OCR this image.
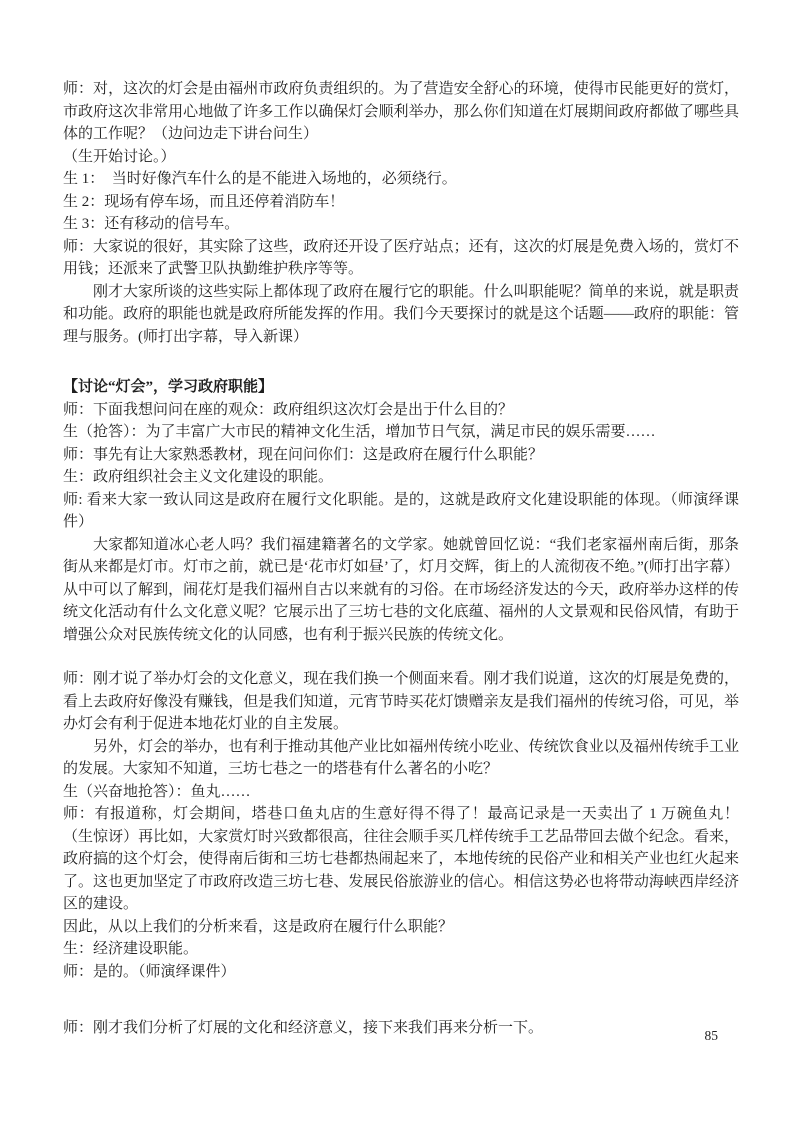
师：对，这次的灯会是由福州市政府负责组织的。为了营造安全舒心的环境，使得市民能更好的赏灯，市政府这次非常用心地做了许多工作以确保灯会顺利举办，那么你们知道在灯展期间政府都做了哪些具体的工作呢？（边问边走下讲台问生）

（生开始讨论。）

生 1：　当时好像汽车什么的是不能进入场地的，必须绕行。

生 2：现场有停车场，而且还停着消防车！

生 3：还有移动的信号车。

师：大家说的很好，其实除了这些，政府还开设了医疗站点；还有，这次的灯展是免费入场的，赏灯不用钱；还派来了武警卫队执勤维护秩序等等。

刚才大家所谈的这些实际上都体现了政府在履行它的职能。什么叫职能呢？简单的来说，就是职责和功能。政府的职能也就是政府所能发挥的作用。我们今天要探讨的就是这个话题——政府的职能：管理与服务。(师打出字幕，导入新课）

【讨论“灯会”，学习政府职能】

师：下面我想问问在座的观众：政府组织这次灯会是出于什么目的？

生（抢答）：为了丰富广大市民的精神文化生活，增加节日气氛，满足市民的娱乐需要……

师：事先有让大家熟悉教材，现在问问你们：这是政府在履行什么职能？

生：政府组织社会主义文化建设的职能。

师: 看来大家一致认同这是政府在履行文化职能。是的，这就是政府文化建设职能的体现。（师演绎课件）

大家都知道冰心老人吗？我们福建籍著名的文学家。她就曾回忆说：“我们老家福州南后街，那条街从来都是灯市。灯市之前，就已是‘花市灯如昼’了，灯月交辉，街上的人流彻夜不绝。”(师打出字幕）从中可以了解到，闹花灯是我们福州自古以来就有的习俗。在市场经济发达的今天，政府举办这样的传统文化活动有什么文化意义呢？它展示出了三坊七巷的文化底蕴、福州的人文景观和民俗风情，有助于增强公众对民族传统文化的认同感，也有利于振兴民族的传统文化。

师：刚才说了举办灯会的文化意义，现在我们换一个侧面来看。刚才我们说道，这次的灯展是免费的，看上去政府好像没有赚钱，但是我们知道，元宵节時买花灯馈赠亲友是我们福州的传统习俗，可见，举办灯会有利于促进本地花灯业的自主发展。

另外，灯会的举办，也有利于推动其他产业比如福州传统小吃业、传统饮食业以及福州传统手工业的发展。大家知不知道，三坊七巷之一的塔巷有什么著名的小吃？

生（兴奋地抢答）：鱼丸……

师：有报道称，灯会期间，塔巷口鱼丸店的生意好得不得了！最高记录是一天卖出了 1 万碗鱼丸！　（生惊讶）再比如，大家赏灯时兴致都很高，往往会顺手买几样传统手工艺品带回去做个纪念。看来，政府搞的这个灯会，使得南后街和三坊七巷都热闹起来了，本地传统的民俗产业和相关产业也红火起来了。这也更加坚定了市政府改造三坊七巷、发展民俗旅游业的信心。相信这势必也将带动海峡西岸经济区的建设。

因此，从以上我们的分析来看，这是政府在履行什么职能？

生：经济建设职能。

师：是的。（师演绎课件）

师：刚才我们分析了灯展的文化和经济意义，接下来我们再来分析一下。	85
